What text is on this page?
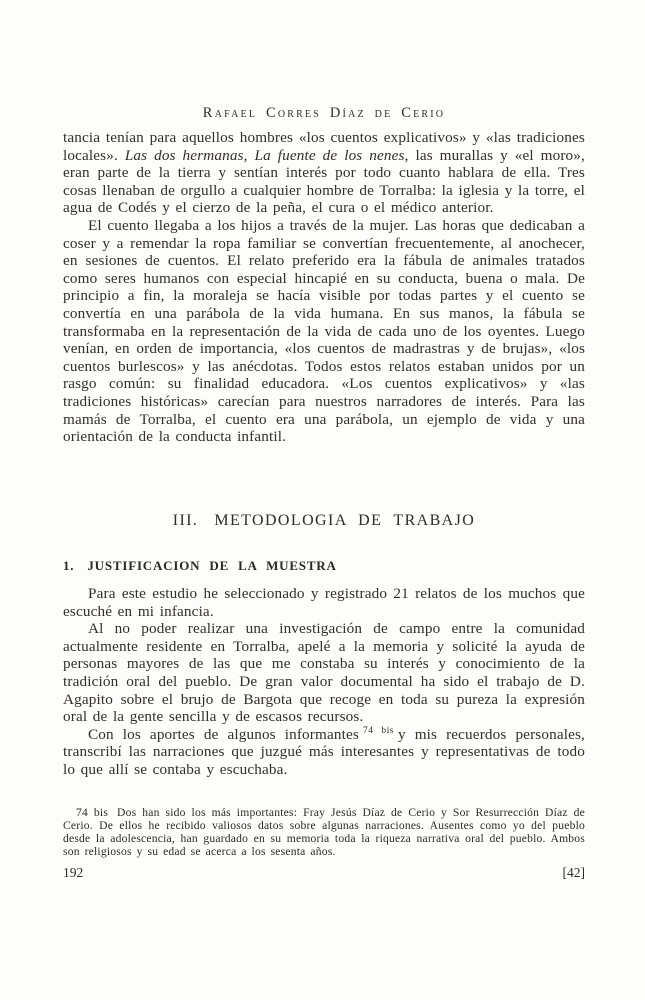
Rafael Corres Díaz de Cerio

tancia tenían para aquellos hombres «los cuentos explicativos» y «las tradiciones locales». Las dos hermanas, La fuente de los nenes, las murallas y «el moro», eran parte de la tierra y sentían interés por todo cuanto hablara de ella. Tres cosas llenaban de orgullo a cualquier hombre de Torralba: la iglesia y la torre, el agua de Codés y el cierzo de la peña, el cura o el médico anterior.

El cuento llegaba a los hijos a través de la mujer. Las horas que dedicaban a coser y a remendar la ropa familiar se convertían frecuentemente, al anochecer, en sesiones de cuentos. El relato preferido era la fábula de animales tratados como seres humanos con especial hincapié en su conducta, buena o mala. De principio a fin, la moraleja se hacía visible por todas partes y el cuento se convertía en una parábola de la vida humana. En sus manos, la fábula se transformaba en la representación de la vida de cada uno de los oyentes. Luego venían, en orden de importancia, «los cuentos de madrastras y de brujas», «los cuentos burlescos» y las anécdotas. Todos estos relatos estaban unidos por un rasgo común: su finalidad educadora. «Los cuentos explicativos» y «las tradiciones históricas» carecían para nuestros narradores de interés. Para las mamás de Torralba, el cuento era una parábola, un ejemplo de vida y una orientación de la conducta infantil.

III. METODOLOGIA DE TRABAJO
1. JUSTIFICACION DE LA MUESTRA

Para este estudio he seleccionado y registrado 21 relatos de los muchos que escuché en mi infancia.

Al no poder realizar una investigación de campo entre la comunidad actualmente residente en Torralba, apelé a la memoria y solicité la ayuda de personas mayores de las que me constaba su interés y conocimiento de la tradición oral del pueblo. De gran valor documental ha sido el trabajo de D. Agapito sobre el brujo de Bargota que recoge en toda su pureza la expresión oral de la gente sencilla y de escasos recursos.

Con los aportes de algunos informantes $^{74 bis}$ y mis recuerdos personales, transcribí las narraciones que juzgué más interesantes y representativas de todo lo que allí se contaba y escuchaba.

74 bis Dos han sido los más importantes: Fray Jesús Díaz de Cerio y Sor Resurrección Díaz de Cerio. De ellos he recibido valiosos datos sobre algunas narraciones. Ausentes como yo del pueblo desde la adolescencia, han guardado en su memoria toda la riqueza narrativa oral del pueblo. Ambos son religiosos y su edad se acerca a los sesenta años.

192	[42]
